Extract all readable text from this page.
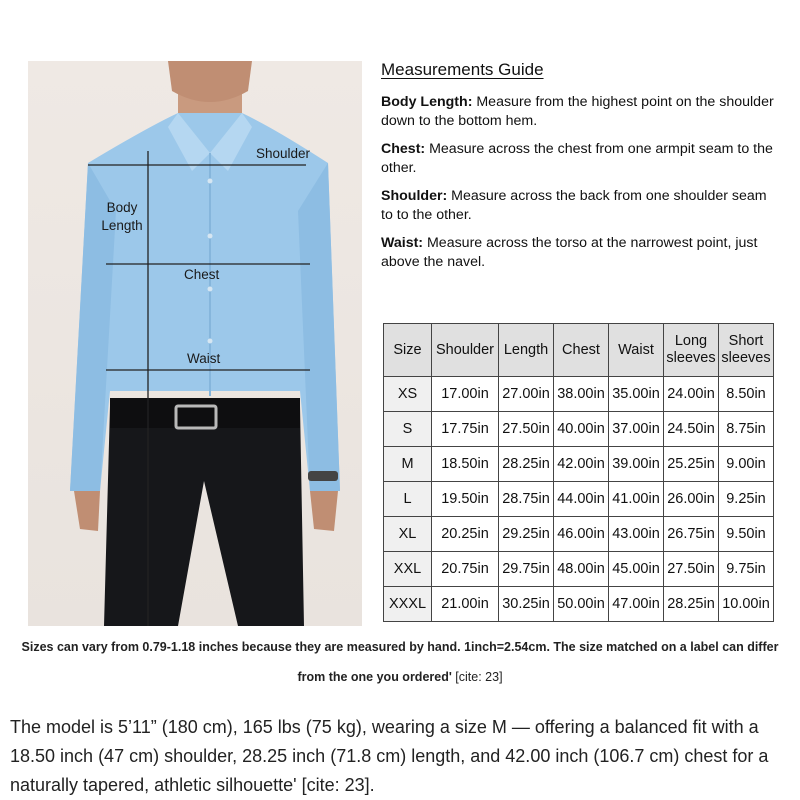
Shoulder
Body
Length
Chest
Waist
Measurements Guide

Body Length: Measure from the highest point on the shoulder down to the bottom hem.

Chest: Measure across the chest from one armpit seam to the other.

Shoulder: Measure across the back from one shoulder seam to to the other.

Waist: Measure across the torso at the narrowest point, just above the navel.

Size	Shoulder	Length	Chest	Waist	Long sleeves	Short sleeves
XS	17.00in	27.00in	38.00in	35.00in	24.00in	8.50in
S	17.75in	27.50in	40.00in	37.00in	24.50in	8.75in
M	18.50in	28.25in	42.00in	39.00in	25.25in	9.00in
L	19.50in	28.75in	44.00in	41.00in	26.00in	9.25in
XL	20.25in	29.25in	46.00in	43.00in	26.75in	9.50in
XXL	20.75in	29.75in	48.00in	45.00in	27.50in	9.75in
XXXL	21.00in	30.25in	50.00in	47.00in	28.25in	10.00in
Sizes can vary from 0.79-1.18 inches because they are measured by hand. 1inch=2.54cm. The size matched on a label can differ
from the one you ordered' [cite: 23]

The model is 5’11” (180 cm), 165 lbs (75 kg), wearing a size M — offering a balanced fit with a 18.50 inch (47 cm) shoulder, 28.25 inch (71.8 cm) length, and 42.00 inch (106.7 cm) chest for a naturally tapered, athletic silhouette' [cite: 23].
